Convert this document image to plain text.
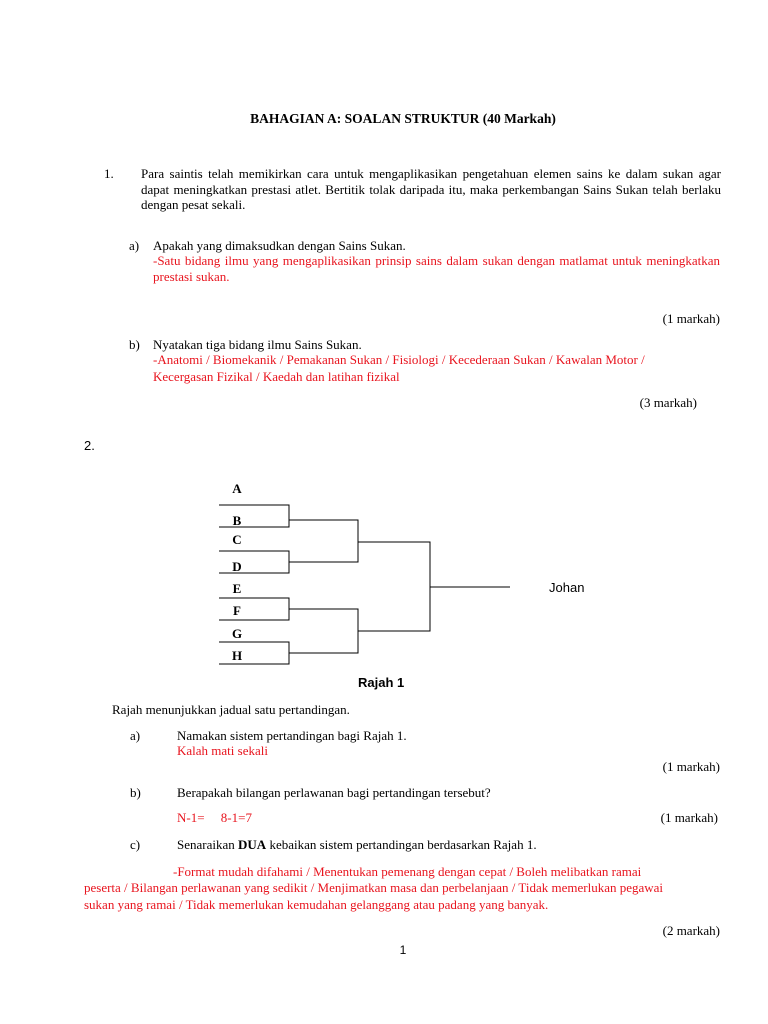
BAHAGIAN A: SOALAN STRUKTUR (40 Markah)
1. Para saintis telah memikirkan cara untuk mengaplikasikan pengetahuan elemen sains ke dalam sukan agar dapat meningkatkan prestasi atlet. Bertitik tolak daripada itu, maka perkembangan Sains Sukan telah berlaku dengan pesat sekali.
a) Apakah yang dimaksudkan dengan Sains Sukan.
-Satu bidang ilmu yang mengaplikasikan prinsip sains dalam sukan dengan matlamat untuk meningkatkan prestasi sukan.
(1 markah)
b) Nyatakan tiga bidang ilmu Sains Sukan.
-Anatomi / Biomekanik / Pemakanan Sukan / Fisiologi / Kecederaan Sukan / Kawalan Motor /
Kecergasan Fizikal / Kaedah dan latihan fizikal
(3 markah)
2.
A
B
C
D
E
F
G
H
Johan
Rajah 1
Rajah menunjukkan jadual satu pertandingan.
a)	Namakan sistem pertandingan bagi Rajah 1.
Kalah mati sekali
(1 markah)
b)	Berapakah bilangan perlawanan bagi pertandingan tersebut?
N-1=     8-1=7	(1 markah)
c)	Senaraikan DUA kebaikan sistem pertandingan berdasarkan Rajah 1.
-Format mudah difahami / Menentukan pemenang dengan cepat / Boleh melibatkan ramai
peserta / Bilangan perlawanan yang sedikit / Menjimatkan masa dan perbelanjaan / Tidak memerlukan pegawai
sukan yang ramai / Tidak memerlukan kemudahan gelanggang atau padang yang banyak.
(2 markah)
1
